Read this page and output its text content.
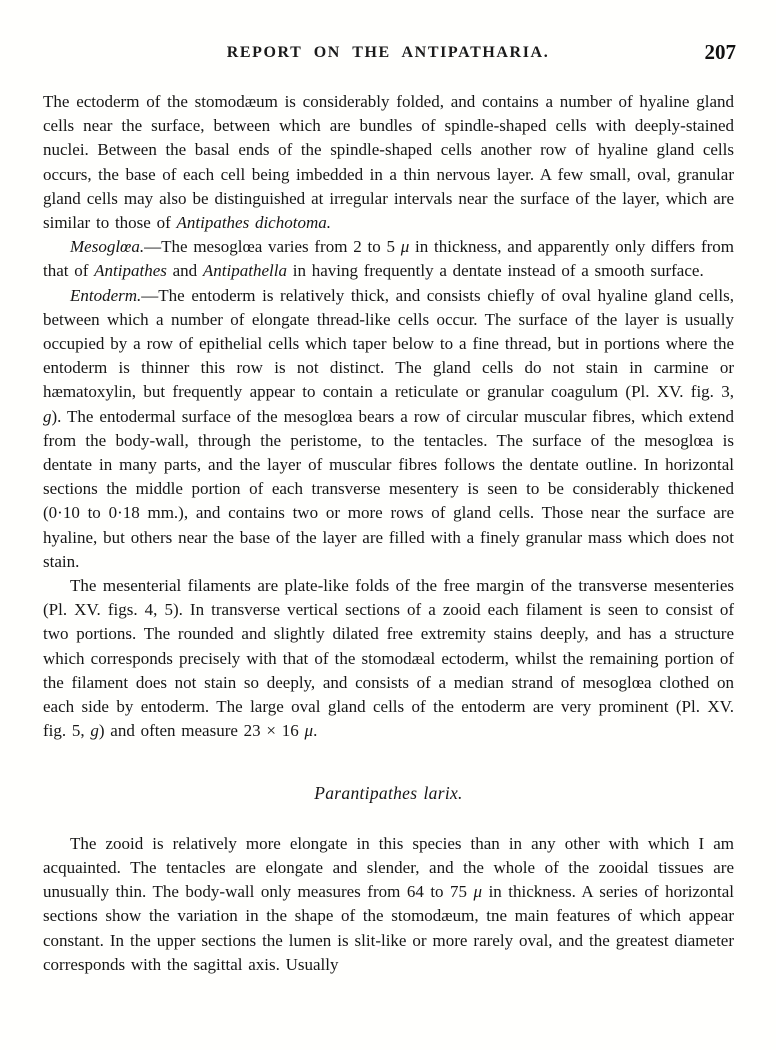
REPORT ON THE ANTIPATHARIA.	207

The ectoderm of the stomodæum is considerably folded, and contains a number of hyaline gland cells near the surface, between which are bundles of spindle-shaped cells with deeply-stained nuclei. Between the basal ends of the spindle-shaped cells another row of hyaline gland cells occurs, the base of each cell being imbedded in a thin nervous layer. A few small, oval, granular gland cells may also be distinguished at irregular intervals near the surface of the layer, which are similar to those of Antipathes dichotoma.

Mesoglœa.—The mesoglœa varies from 2 to 5 μ in thickness, and apparently only differs from that of Antipathes and Antipathella in having frequently a dentate instead of a smooth surface.

Entoderm.—The entoderm is relatively thick, and consists chiefly of oval hyaline gland cells, between which a number of elongate thread-like cells occur. The surface of the layer is usually occupied by a row of epithelial cells which taper below to a fine thread, but in portions where the entoderm is thinner this row is not distinct. The gland cells do not stain in carmine or hæmatoxylin, but frequently appear to contain a reticulate or granular coagulum (Pl. XV. fig. 3, g). The entodermal surface of the mesoglœa bears a row of circular muscular fibres, which extend from the body-wall, through the peristome, to the tentacles. The surface of the mesoglœa is dentate in many parts, and the layer of muscular fibres follows the dentate outline. In horizontal sections the middle portion of each transverse mesentery is seen to be considerably thickened (0·10 to 0·18 mm.), and contains two or more rows of gland cells. Those near the surface are hyaline, but others near the base of the layer are filled with a finely granular mass which does not stain.

The mesenterial filaments are plate-like folds of the free margin of the transverse mesenteries (Pl. XV. figs. 4, 5). In transverse vertical sections of a zooid each filament is seen to consist of two portions. The rounded and slightly dilated free extremity stains deeply, and has a structure which corresponds precisely with that of the stomodæal ectoderm, whilst the remaining portion of the filament does not stain so deeply, and consists of a median strand of mesoglœa clothed on each side by entoderm. The large oval gland cells of the entoderm are very prominent (Pl. XV. fig. 5, g) and often measure 23 × 16 μ.

Parantipathes larix.

The zooid is relatively more elongate in this species than in any other with which I am acquainted. The tentacles are elongate and slender, and the whole of the zooidal tissues are unusually thin. The body-wall only measures from 64 to 75 μ in thickness. A series of horizontal sections show the variation in the shape of the stomodæum, tne main features of which appear constant. In the upper sections the lumen is slit-like or more rarely oval, and the greatest diameter corresponds with the sagittal axis. Usually
